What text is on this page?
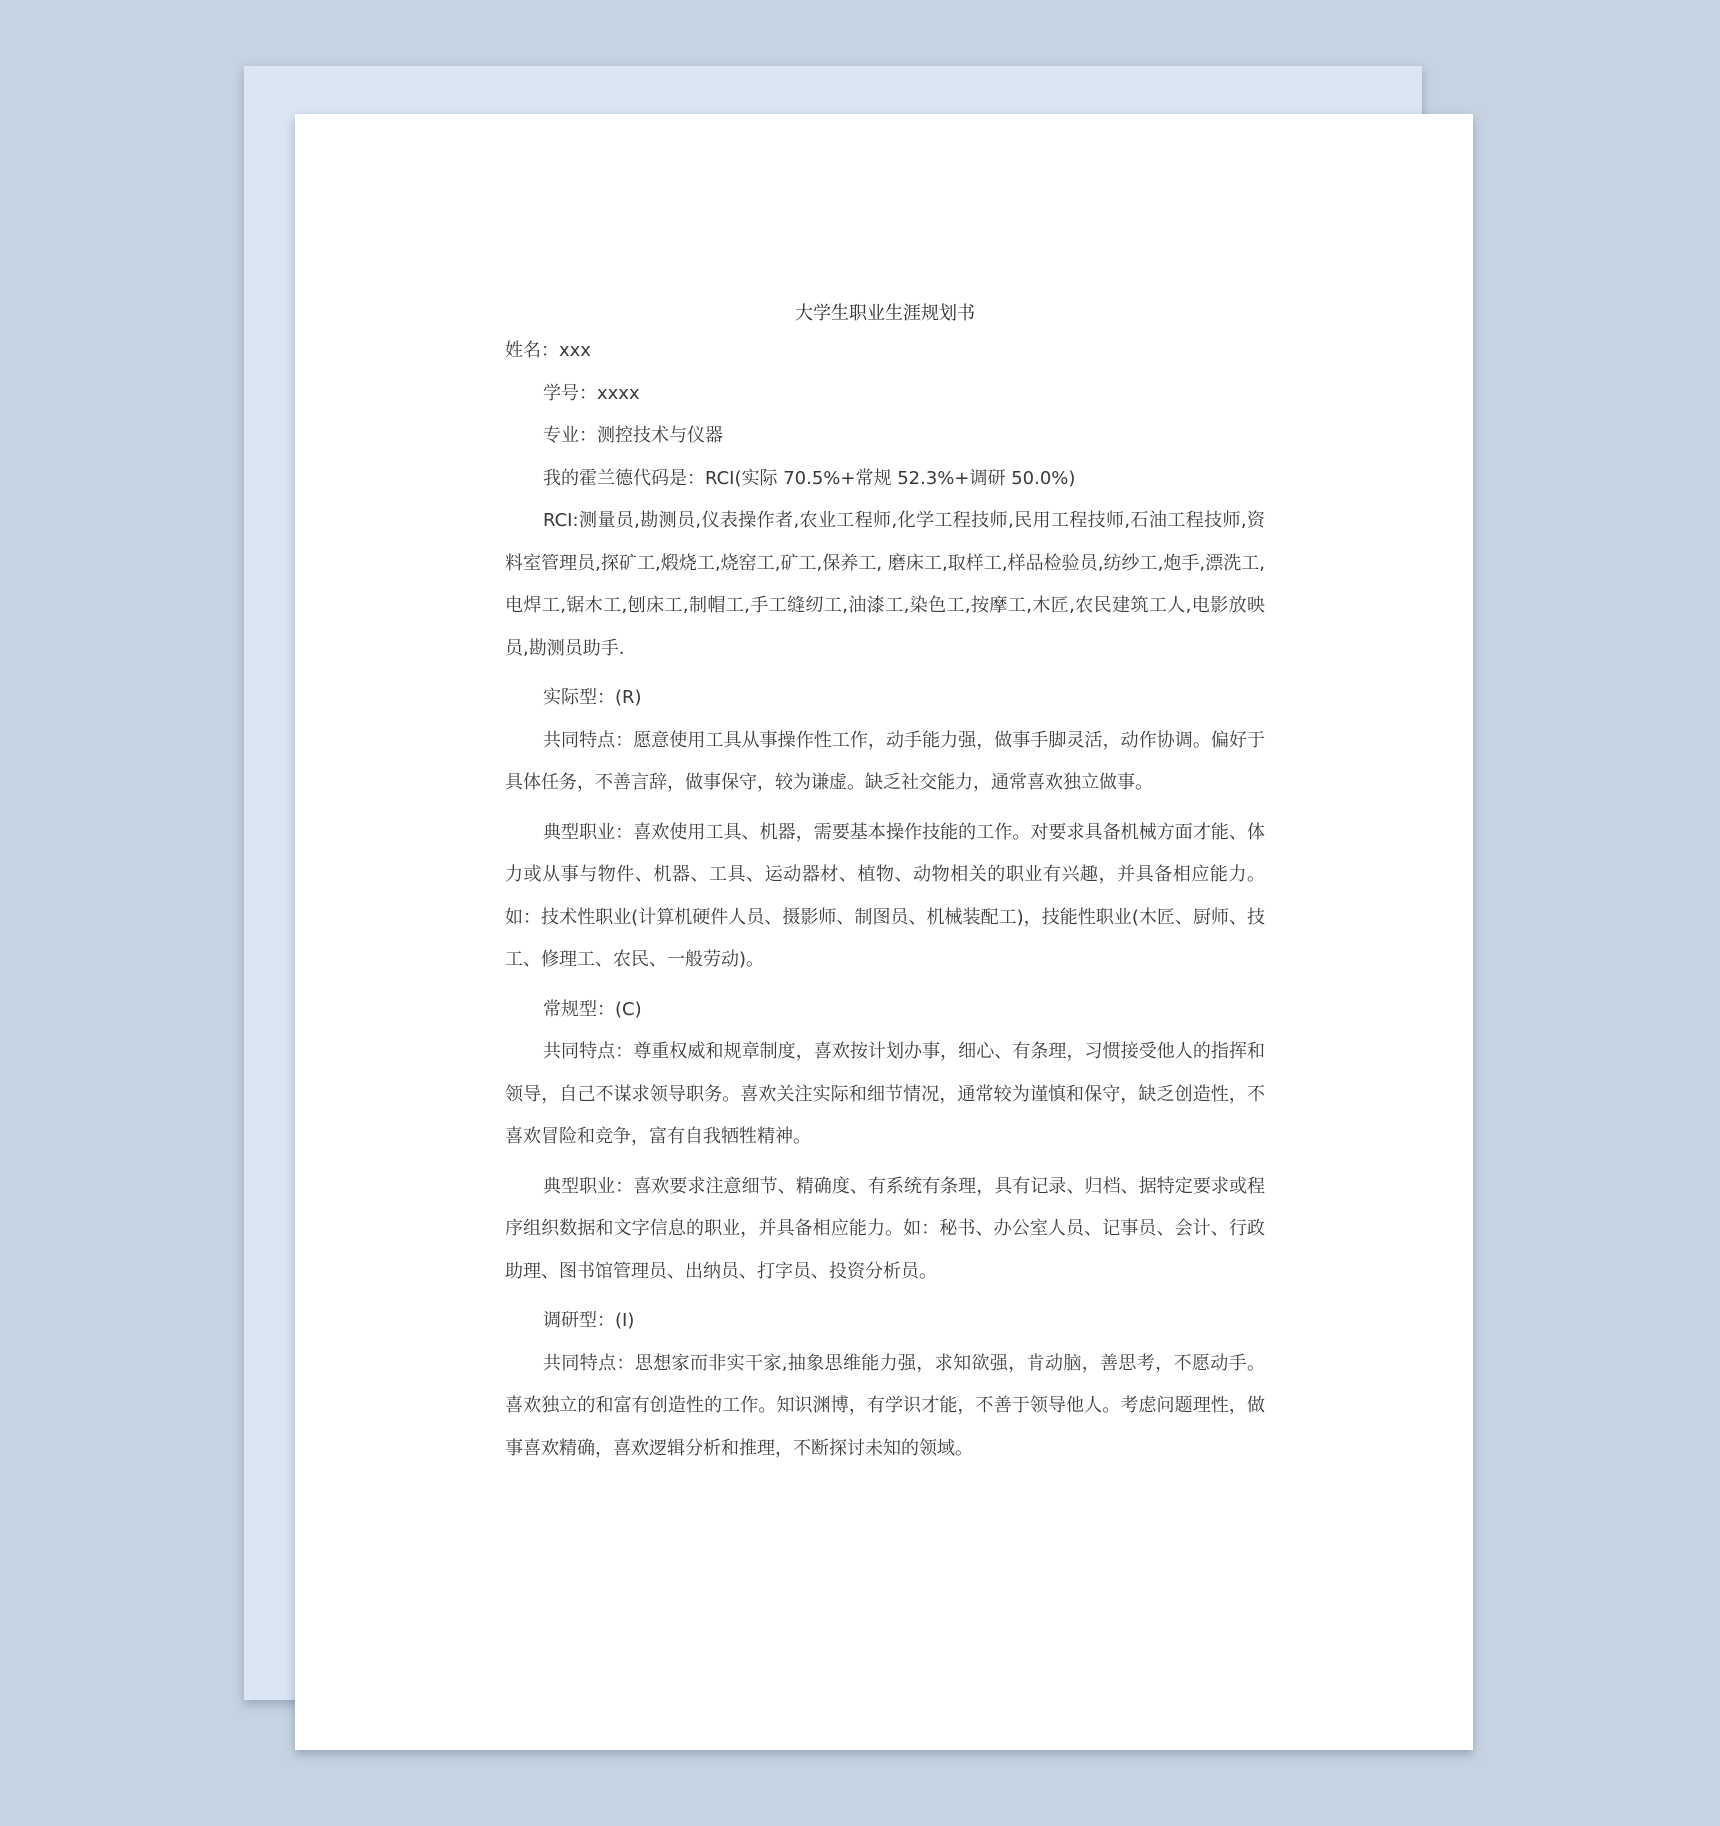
大学生职业生涯规划书

姓名：xxx

学号：xxxx

专业：测控技术与仪器

我的霍兰德代码是：RCI(实际 70.5%+常规 52.3%+调研 50.0%)

RCI:测量员,勘测员,仪表操作者,农业工程师,化学工程技师,民用工程技师,石油工程技师,资料室管理员,探矿工,煅烧工,烧窑工,矿工,保养工, 磨床工,取样工,样品检验员,纺纱工,炮手,漂洗工,电焊工,锯木工,刨床工,制帽工,手工缝纫工,油漆工,染色工,按摩工,木匠,农民建筑工人,电影放映员,勘测员助手.

实际型：(R)

共同特点：愿意使用工具从事操作性工作，动手能力强，做事手脚灵活，动作协调。偏好于具体任务，不善言辞，做事保守，较为谦虚。缺乏社交能力，通常喜欢独立做事。

典型职业：喜欢使用工具、机器，需要基本操作技能的工作。对要求具备机械方面才能、体力或从事与物件、机器、工具、运动器材、植物、动物相关的职业有兴趣，并具备相应能力。如：技术性职业(计算机硬件人员、摄影师、制图员、机械装配工)，技能性职业(木匠、厨师、技工、修理工、农民、一般劳动)。

常规型：(C)

共同特点：尊重权威和规章制度，喜欢按计划办事，细心、有条理，习惯接受他人的指挥和领导，自己不谋求领导职务。喜欢关注实际和细节情况，通常较为谨慎和保守，缺乏创造性，不喜欢冒险和竞争，富有自我牺牲精神。

典型职业：喜欢要求注意细节、精确度、有系统有条理，具有记录、归档、据特定要求或程序组织数据和文字信息的职业，并具备相应能力。如：秘书、办公室人员、记事员、会计、行政助理、图书馆管理员、出纳员、打字员、投资分析员。

调研型：(I)

共同特点：思想家而非实干家,抽象思维能力强，求知欲强，肯动脑，善思考，不愿动手。喜欢独立的和富有创造性的工作。知识渊博，有学识才能，不善于领导他人。考虑问题理性，做事喜欢精确，喜欢逻辑分析和推理，不断探讨未知的领域。
